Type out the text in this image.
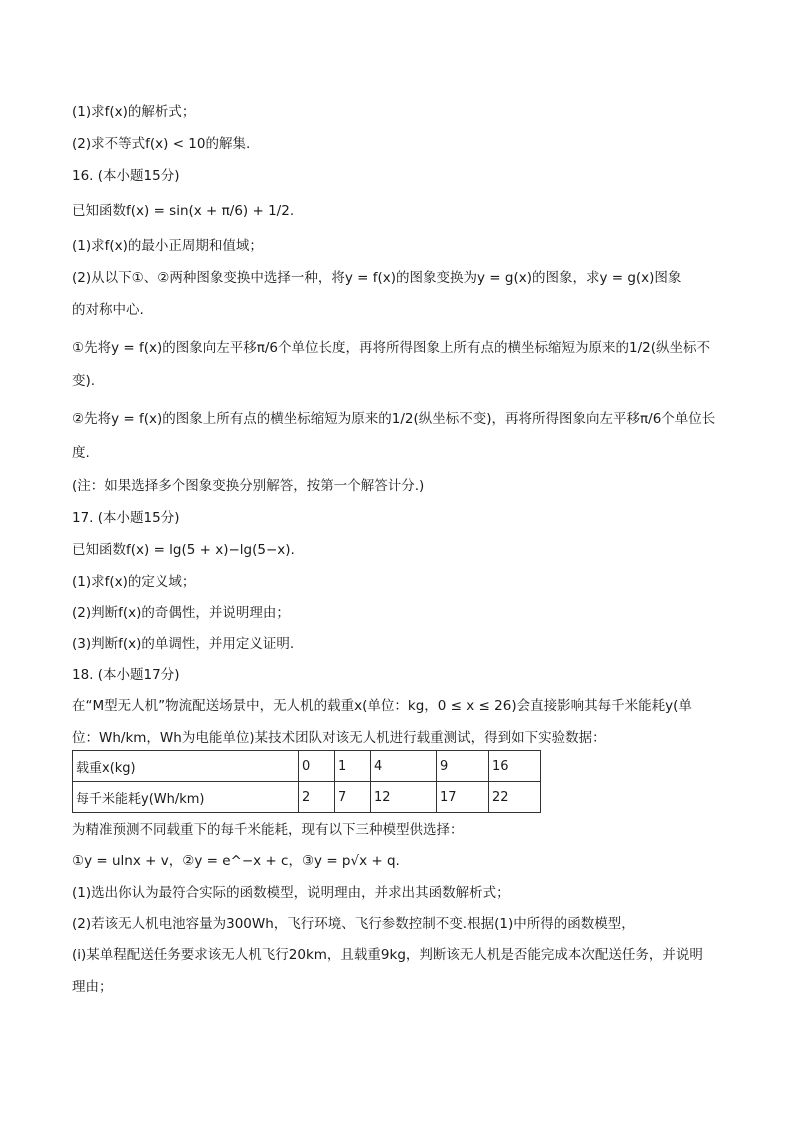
(1)求f(x)的解析式；
(2)求不等式f(x) < 10的解集.
16. (本小题15分)
已知函数f(x) = sin(x + π/6) + 1/2.
(1)求f(x)的最小正周期和值域；
(2)从以下①、②两种图象变换中选择一种，将y = f(x)的图象变换为y = g(x)的图象，求y = g(x)图象
的对称中心.
①先将y = f(x)的图象向左平移π/6个单位长度，再将所得图象上所有点的横坐标缩短为原来的1/2(纵坐标不
变).
②先将y = f(x)的图象上所有点的横坐标缩短为原来的1/2(纵坐标不变)，再将所得图象向左平移π/6个单位长
度.
(注：如果选择多个图象变换分别解答，按第一个解答计分.)
17. (本小题15分)
已知函数f(x) = lg(5 + x)−lg(5−x).
(1)求f(x)的定义域；
(2)判断f(x)的奇偶性，并说明理由；
(3)判断f(x)的单调性，并用定义证明.
18. (本小题17分)
在“M型无人机”物流配送场景中，无人机的载重x(单位：kg，0 ≤ x ≤ 26)会直接影响其每千米能耗y(单
位：Wh/km，Wh为电能单位)某技术团队对该无人机进行载重测试，得到如下实验数据：
载重x(kg)	0	1	4	9	16
每千米能耗y(Wh/km)	2	7	12	17	22
为精准预测不同载重下的每千米能耗，现有以下三种模型供选择：
①y = ulnx + v，②y = e^−x + c，③y = p√x + q.
(1)选出你认为最符合实际的函数模型，说明理由，并求出其函数解析式；
(2)若该无人机电池容量为300Wh，飞行环境、飞行参数控制不变.根据(1)中所得的函数模型，
(i)某单程配送任务要求该无人机飞行20km，且载重9kg，判断该无人机是否能完成本次配送任务，并说明
理由；
